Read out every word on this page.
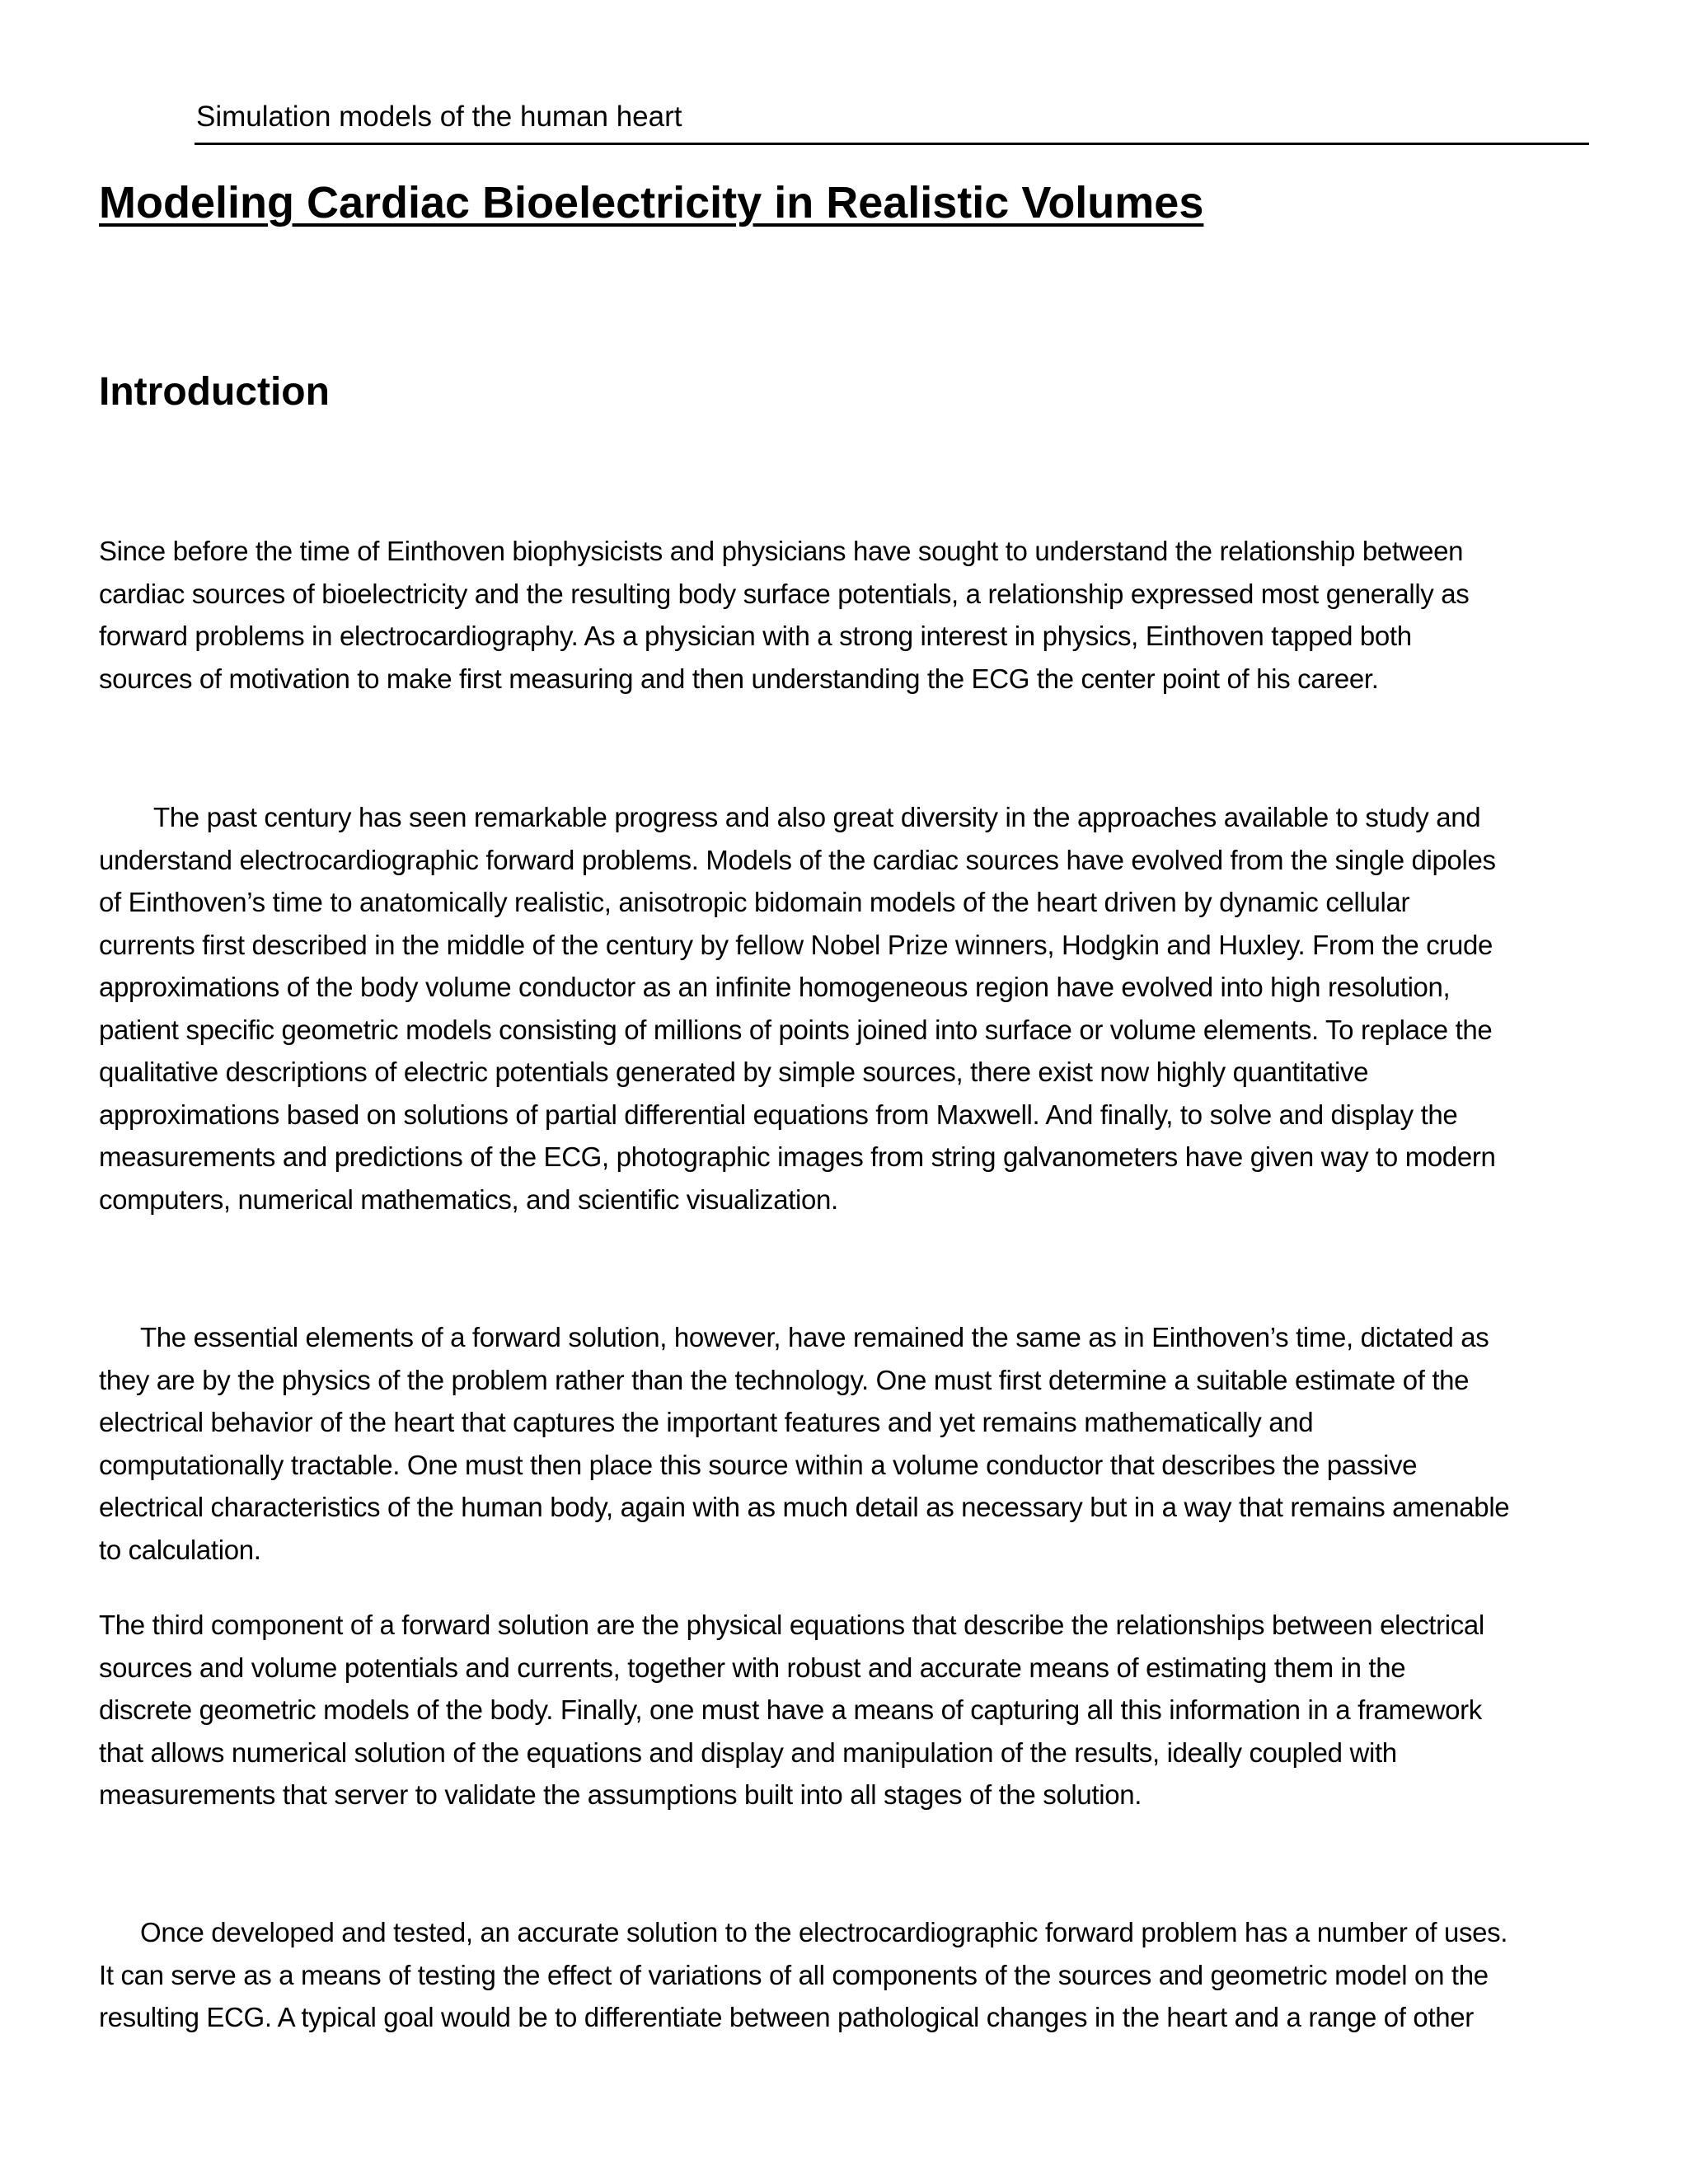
Simulation models of the human heart
Modeling Cardiac Bioelectricity in Realistic Volumes
Introduction

Since before the time of Einthoven biophysicists and physicians have sought to understand the relationship between
cardiac sources of bioelectricity and the resulting body surface potentials, a relationship expressed most generally as
forward problems in electrocardiography. As a physician with a strong interest in physics, Einthoven tapped both
sources of motivation to make first measuring and then understanding the ECG the center point of his career.

The past century has seen remarkable progress and also great diversity in the approaches available to study and
understand electrocardiographic forward problems. Models of the cardiac sources have evolved from the single dipoles
of Einthoven’s time to anatomically realistic, anisotropic bidomain models of the heart driven by dynamic cellular
currents first described in the middle of the century by fellow Nobel Prize winners, Hodgkin and Huxley. From the crude
approximations of the body volume conductor as an infinite homogeneous region have evolved into high resolution,
patient specific geometric models consisting of millions of points joined into surface or volume elements. To replace the
qualitative descriptions of electric potentials generated by simple sources, there exist now highly quantitative
approximations based on solutions of partial differential equations from Maxwell. And finally, to solve and display the
measurements and predictions of the ECG, photographic images from string galvanometers have given way to modern
computers, numerical mathematics, and scientific visualization.

The essential elements of a forward solution, however, have remained the same as in Einthoven’s time, dictated as
they are by the physics of the problem rather than the technology. One must first determine a suitable estimate of the
electrical behavior of the heart that captures the important features and yet remains mathematically and
computationally tractable. One must then place this source within a volume conductor that describes the passive
electrical characteristics of the human body, again with as much detail as necessary but in a way that remains amenable
to calculation.

The third component of a forward solution are the physical equations that describe the relationships between electrical
sources and volume potentials and currents, together with robust and accurate means of estimating them in the
discrete geometric models of the body. Finally, one must have a means of capturing all this information in a framework
that allows numerical solution of the equations and display and manipulation of the results, ideally coupled with
measurements that server to validate the assumptions built into all stages of the solution.

Once developed and tested, an accurate solution to the electrocardiographic forward problem has a number of uses.
It can serve as a means of testing the effect of variations of all components of the sources and geometric model on the
resulting ECG. A typical goal would be to differentiate between pathological changes in the heart and a range of other
